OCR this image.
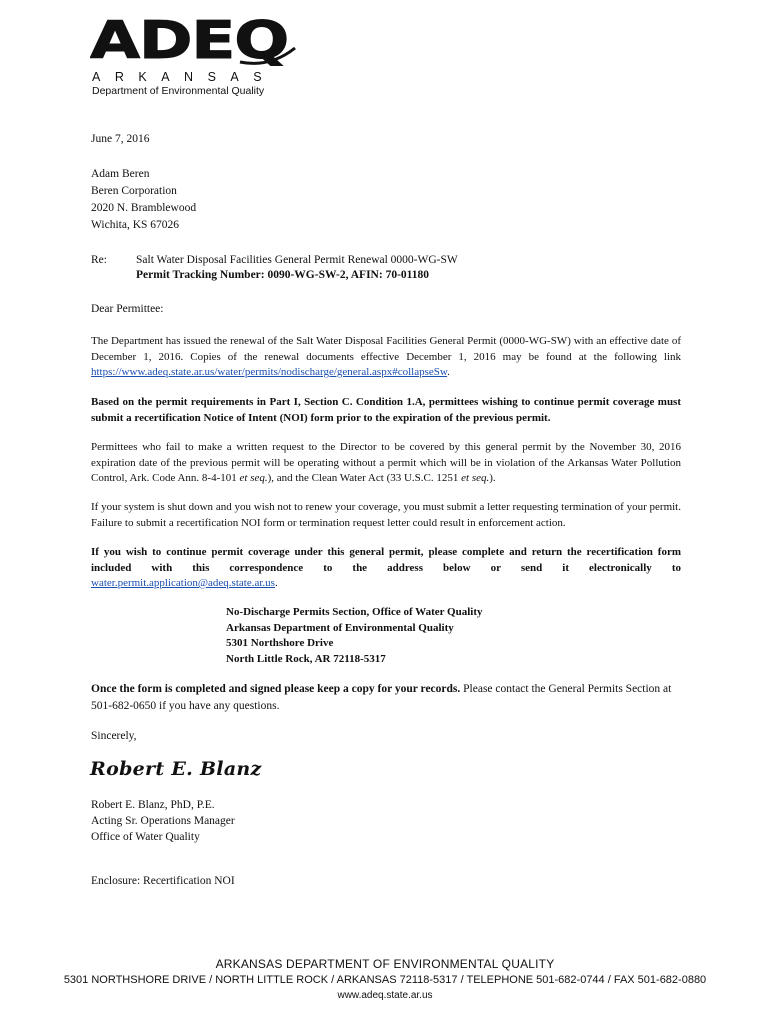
ADEQ
ARKANSAS
Department of Environmental Quality
June 7, 2016
Adam Beren
Beren Corporation
2020 N. Bramblewood
Wichita, KS 67026
Re:	Salt Water Disposal Facilities General Permit Renewal 0000-WG-SW
Permit Tracking Number: 0090-WG-SW-2, AFIN: 70-01180
Dear Permittee:
The Department has issued the renewal of the Salt Water Disposal Facilities General Permit (0000-WG-SW) with an effective date of December 1, 2016. Copies of the renewal documents effective December 1, 2016 may be found at the following link https://www.adeq.state.ar.us/water/permits/nodischarge/general.aspx#collapseSw.
Based on the permit requirements in Part I, Section C. Condition 1.A, permittees wishing to continue permit coverage must submit a recertification Notice of Intent (NOI) form prior to the expiration of the previous permit.
Permittees who fail to make a written request to the Director to be covered by this general permit by the November 30, 2016 expiration date of the previous permit will be operating without a permit which will be in violation of the Arkansas Water Pollution Control, Ark. Code Ann. 8-4-101 et seq.), and the Clean Water Act (33 U.S.C. 1251 et seq.).
If your system is shut down and you wish not to renew your coverage, you must submit a letter requesting termination of your permit. Failure to submit a recertification NOI form or termination request letter could result in enforcement action.
If you wish to continue permit coverage under this general permit, please complete and return the recertification form included with this correspondence to the address below or send it electronically to
water.permit.application@adeq.state.ar.us.
No-Discharge Permits Section, Office of Water Quality
Arkansas Department of Environmental Quality
5301 Northshore Drive
North Little Rock, AR 72118-5317
Once the form is completed and signed please keep a copy for your records. Please contact the General Permits Section at 501-682-0650 if you have any questions.
Sincerely,
Robert E. Blanz
Robert E. Blanz, PhD, P.E.
Acting Sr. Operations Manager
Office of Water Quality
Enclosure: Recertification NOI
ARKANSAS DEPARTMENT OF ENVIRONMENTAL QUALITY
5301 NORTHSHORE DRIVE / NORTH LITTLE ROCK / ARKANSAS 72118-5317 / TELEPHONE 501-682-0744 / FAX 501-682-0880
www.adeq.state.ar.us
